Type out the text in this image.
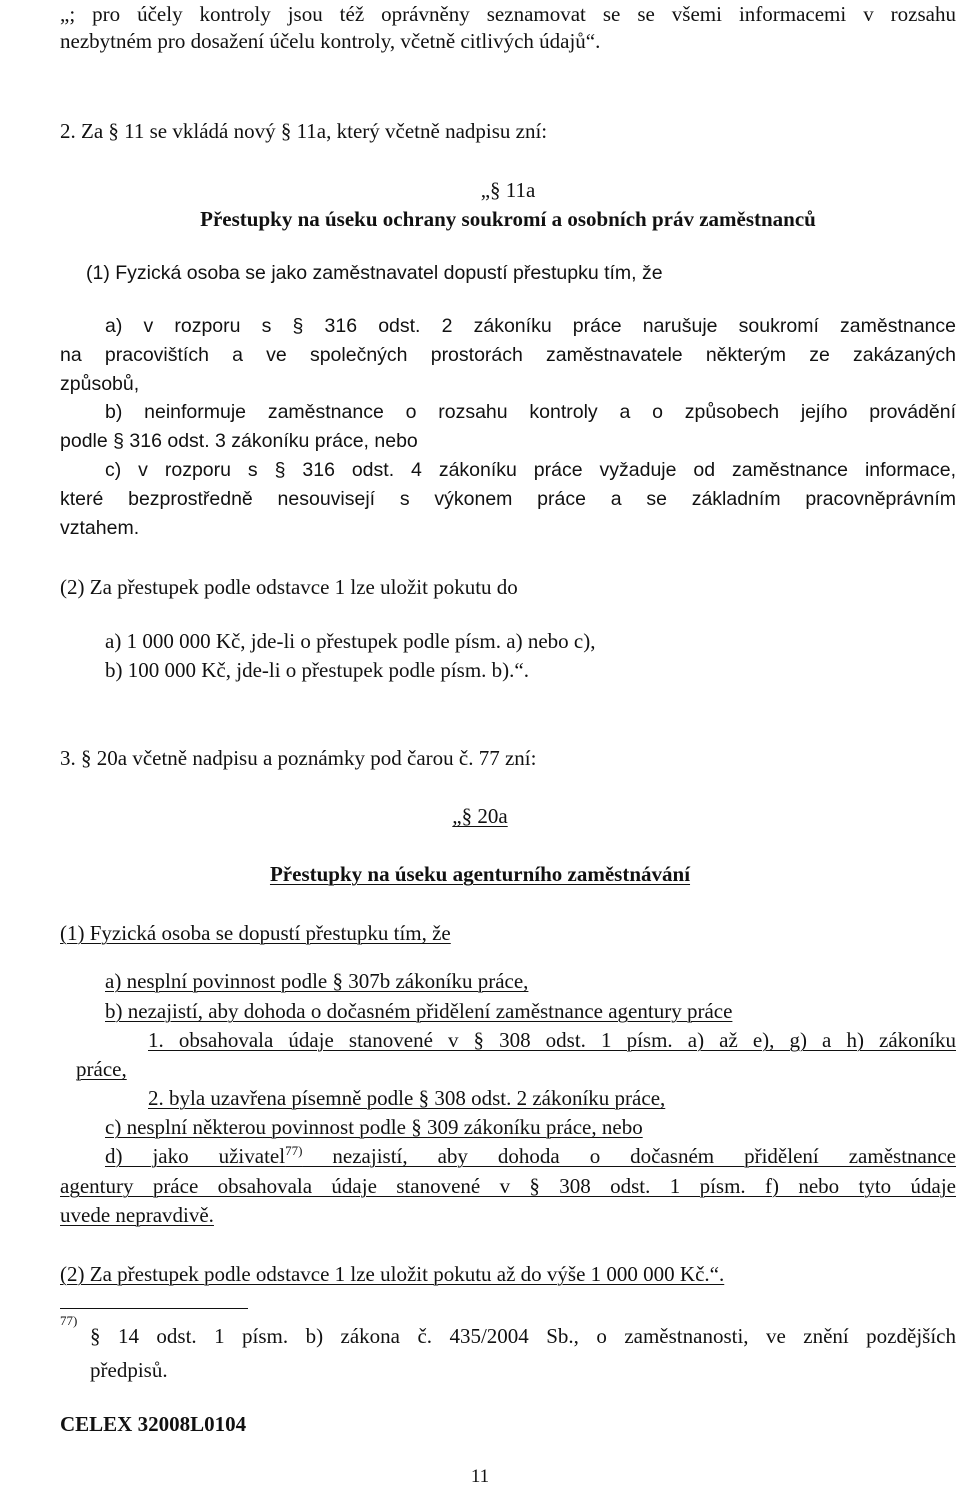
„; pro účely kontroly jsou též oprávněny seznamovat se se všemi informacemi v rozsahu
nezbytném pro dosažení účelu kontroly, včetně citlivých údajů“.
2. Za § 11 se vkládá nový § 11a, který včetně nadpisu zní:
„§ 11a
Přestupky na úseku ochrany soukromí a osobních práv zaměstnanců
(1) Fyzická osoba se jako zaměstnavatel dopustí přestupku tím, že
a) v rozporu s § 316 odst. 2 zákoníku práce narušuje soukromí zaměstnance
na pracovištích a ve společných prostorách zaměstnavatele některým ze zakázaných
způsobů,
b) neinformuje zaměstnance o rozsahu kontroly a o způsobech jejího provádění
podle § 316 odst. 3 zákoníku práce, nebo
c) v rozporu s § 316 odst. 4 zákoníku práce vyžaduje od zaměstnance informace,
které bezprostředně nesouvisejí s výkonem práce a se základním pracovněprávním
vztahem.
(2) Za přestupek podle odstavce 1 lze uložit pokutu do
a) 1 000 000 Kč, jde-li o přestupek podle písm. a) nebo c),
b) 100 000 Kč, jde-li o přestupek podle písm. b).“.
3. § 20a včetně nadpisu a poznámky pod čarou č. 77 zní:
„§ 20a
Přestupky na úseku agenturního zaměstnávání
(1) Fyzická osoba se dopustí přestupku tím, že
a) nesplní povinnost podle § 307b zákoníku práce,
b) nezajistí, aby dohoda o dočasném přidělení zaměstnance agentury práce
1. obsahovala údaje stanovené v § 308 odst. 1 písm. a) až e), g) a h) zákoníku
práce,
2. byla uzavřena písemně podle § 308 odst. 2 zákoníku práce,
c) nesplní některou povinnost podle § 309 zákoníku práce, nebo
d) jako uživatel$^{77)}$ nezajistí, aby dohoda o dočasném přidělení zaměstnance
agentury práce obsahovala údaje stanovené v § 308 odst. 1 písm. f) nebo tyto údaje
uvede nepravdivě.
(2) Za přestupek podle odstavce 1 lze uložit pokutu až do výše 1 000 000 Kč.“.
77)
§ 14 odst. 1 písm. b) zákona č. 435/2004 Sb., o zaměstnanosti, ve znění pozdějších
předpisů.
CELEX 32008L0104
11
